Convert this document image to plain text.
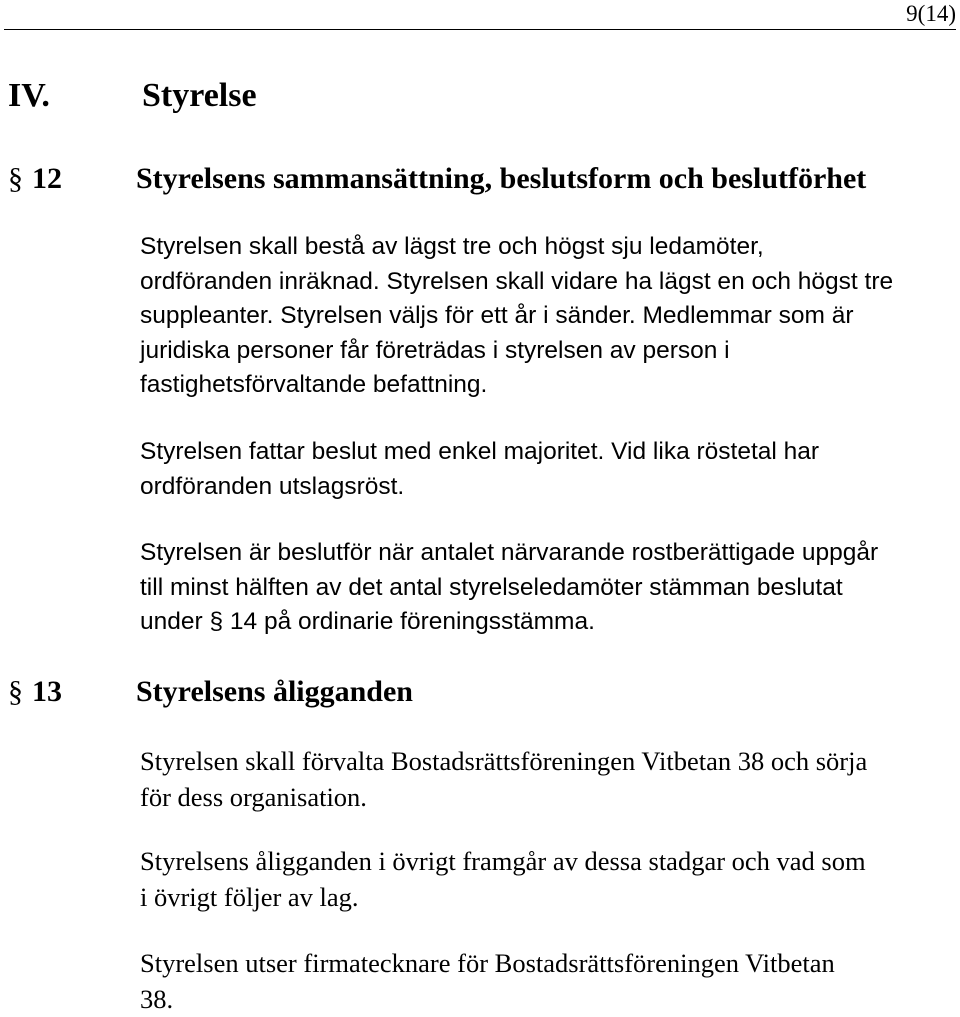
9(14)
IV.	Styrelse
§ 12 Styrelsens sammansättning, beslutsform och beslutförhet

Styrelsen skall bestå av lägst tre och högst sju ledamöter,
ordföranden inräknad. Styrelsen skall vidare ha lägst en och högst tre
suppleanter. Styrelsen väljs för ett år i sänder. Medlemmar som är
juridiska personer får företrädas i styrelsen av person i
fastighetsförvaltande befattning.

Styrelsen fattar beslut med enkel majoritet. Vid lika röstetal har
ordföranden utslagsröst.

Styrelsen är beslutför när antalet närvarande rostberättigade uppgår
till minst hälften av det antal styrelseledamöter stämman beslutat
under § 14 på ordinarie föreningsstämma.

§ 13 Styrelsens åligganden

Styrelsen skall förvalta Bostadsrättsföreningen Vitbetan 38 och sörja
för dess organisation.

Styrelsens åligganden i övrigt framgår av dessa stadgar och vad som
i övrigt följer av lag.

Styrelsen utser firmatecknare för Bostadsrättsföreningen Vitbetan
38.
